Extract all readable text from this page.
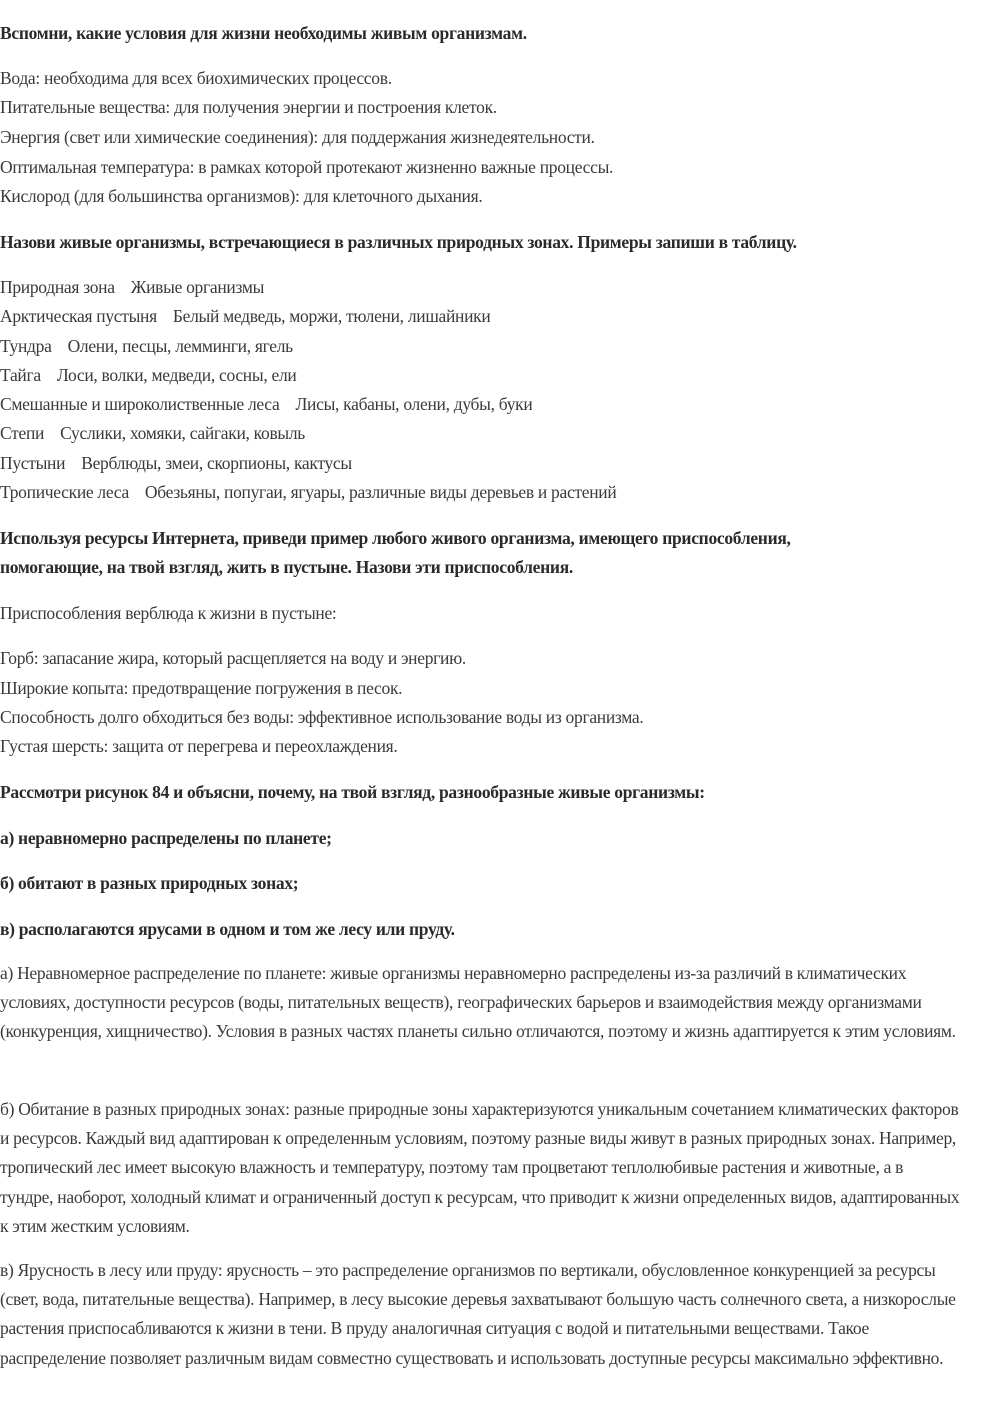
Вспомни, какие условия для жизни необходимы живым организмам.
Вода: необходима для всех биохимических процессов.
Питательные вещества: для получения энергии и построения клеток.
Энергия (свет или химические соединения): для поддержания жизнедеятельности.
Оптимальная температура: в рамках которой протекают жизненно важные процессы.
Кислород (для большинства организмов): для клеточного дыхания.
Назови живые организмы, встречающиеся в различных природных зонах. Примеры запиши в таблицу.
Природная зона Живые организмы
Арктическая пустыня Белый медведь, моржи, тюлени, лишайники
Тундра Олени, песцы, лемминги, ягель
Тайга Лоси, волки, медведи, сосны, ели
Смешанные и широколиственные леса Лисы, кабаны, олени, дубы, буки
Степи Суслики, хомяки, сайгаки, ковыль
Пустыни Верблюды, змеи, скорпионы, кактусы
Тропические леса Обезьяны, попугаи, ягуары, различные виды деревьев и растений
Используя ресурсы Интернета, приведи пример любого живого организма, имеющего приспособления,
помогающие, на твой взгляд, жить в пустыне. Назови эти приспособления.
Приспособления верблюда к жизни в пустыне:
Горб: запасание жира, который расщепляется на воду и энергию.
Широкие копыта: предотвращение погружения в песок.
Способность долго обходиться без воды: эффективное использование воды из организма.
Густая шерсть: защита от перегрева и переохлаждения.
Рассмотри рисунок 84 и объясни, почему, на твой взгляд, разнообразные живые организмы:
а) неравномерно распределены по планете;
б) обитают в разных природных зонах;
в) располагаются ярусами в одном и том же лесу или пруду.
а) Неравномерное распределение по планете: живые организмы неравномерно распределены из-за различий в климатических условиях, доступности ресурсов (воды, питательных веществ), географических барьеров и взаимодействия между организмами (конкуренция, хищничество). Условия в разных частях планеты сильно отличаются, поэтому и жизнь адаптируется к этим условиям.
б) Обитание в разных природных зонах: разные природные зоны характеризуются уникальным сочетанием климатических факторов и ресурсов. Каждый вид адаптирован к определенным условиям, поэтому разные виды живут в разных природных зонах. Например, тропический лес имеет высокую влажность и температуру, поэтому там процветают теплолюбивые растения и животные, а в тундре, наоборот, холодный климат и ограниченный доступ к ресурсам, что приводит к жизни определенных видов, адаптированных к этим жестким условиям.
в) Ярусность в лесу или пруду: ярусность – это распределение организмов по вертикали, обусловленное конкуренцией за ресурсы (свет, вода, питательные вещества). Например, в лесу высокие деревья захватывают большую часть солнечного света, а низкорослые растения приспосабливаются к жизни в тени. В пруду аналогичная ситуация с водой и питательными веществами. Такое распределение позволяет различным видам совместно существовать и использовать доступные ресурсы максимально эффективно.
